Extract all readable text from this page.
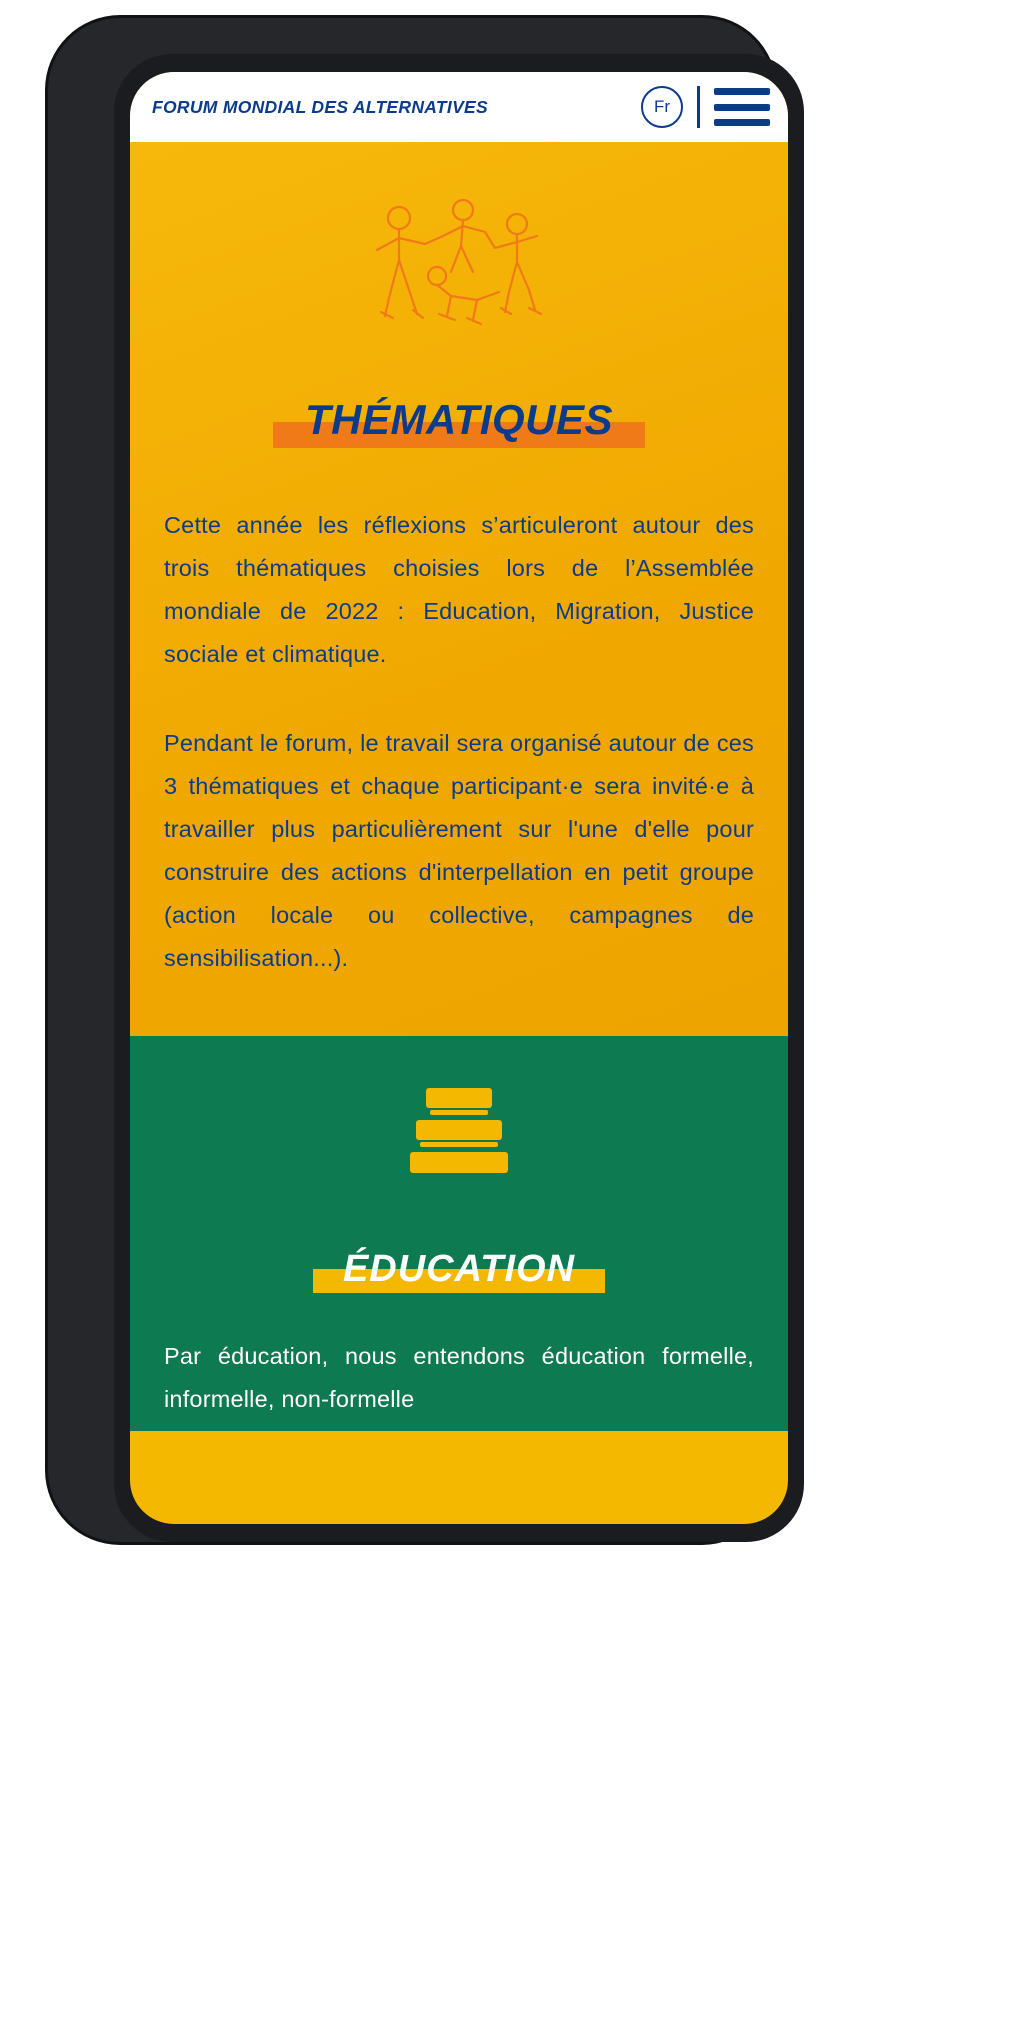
FORUM MONDIAL DES ALTERNATIVES	Fr
THÉMATIQUES
Cette année les réflexions s’articuleront autour des trois thématiques choisies lors de l’Assemblée mondiale de 2022 : Education, Migration, Justice sociale et climatique.
Pendant le forum, le travail sera organisé autour de ces 3 thématiques et chaque participant·e sera invité·e à travailler plus particulièrement sur l'une d'elle pour construire des actions d'interpellation en petit groupe (action locale ou collective, campagnes de sensibilisation...).
ÉDUCATION
Par éducation, nous entendons éducation formelle, informelle, non-formelle
